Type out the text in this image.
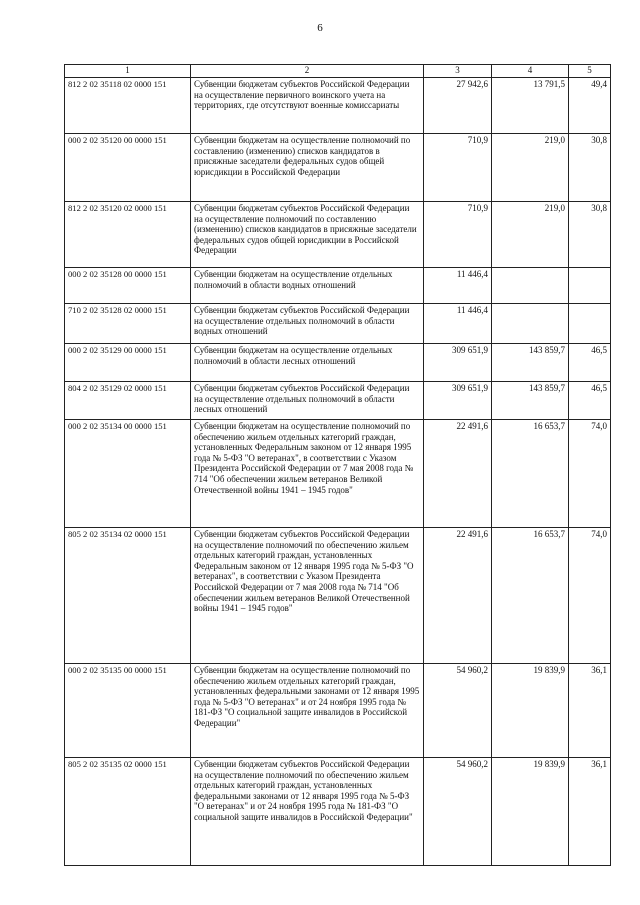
6
1	2	3	4	5
812 2 02 35118 02 0000 151	Субвенции бюджетам субъектов Российской Федерации на осуществление первичного воинского учета на территориях, где отсутствуют военные комиссариаты	27 942,6	13 791,5	49,4
000 2 02 35120 00 0000 151	Субвенции бюджетам на осуществление полномочий по составлению (изменению) списков кандидатов в присяжные заседатели федеральных судов общей юрисдикции в Российской Федерации	710,9	219,0	30,8
812 2 02 35120 02 0000 151	Субвенции бюджетам субъектов Российской Федерации на осуществление полномочий по составлению (изменению) списков кандидатов в присяжные заседатели федеральных судов общей юрисдикции в Российской Федерации	710,9	219,0	30,8
000 2 02 35128 00 0000 151	Субвенции бюджетам на осуществление отдельных полномочий в области водных отношений	11 446,4		
710 2 02 35128 02 0000 151	Субвенции бюджетам субъектов Российской Федерации на осуществление отдельных полномочий в области водных отношений	11 446,4		
000 2 02 35129 00 0000 151	Субвенции бюджетам на осуществление отдельных полномочий в области лесных отношений	309 651,9	143 859,7	46,5
804 2 02 35129 02 0000 151	Субвенции бюджетам субъектов Российской Федерации на осуществление отдельных полномочий в области лесных отношений	309 651,9	143 859,7	46,5
000 2 02 35134 00 0000 151	Субвенции бюджетам на осуществление полномочий по обеспечению жильем отдельных категорий граждан, установленных Федеральным законом от 12 января 1995 года № 5-ФЗ "О ветеранах", в соответствии с Указом Президента Российской Федерации от 7 мая 2008 года № 714 "Об обеспечении жильем ветеранов Великой Отечественной войны 1941 – 1945 годов"	22 491,6	16 653,7	74,0
805 2 02 35134 02 0000 151	Субвенции бюджетам субъектов Российской Федерации на осуществление полномочий по обеспечению жильем отдельных категорий граждан, установленных Федеральным законом от 12 января 1995 года № 5-ФЗ "О ветеранах", в соответствии с Указом Президента Российской Федерации от 7 мая 2008 года № 714 "Об обеспечении жильем ветеранов Великой Отечественной войны 1941 – 1945 годов"	22 491,6	16 653,7	74,0
000 2 02 35135 00 0000 151	Субвенции бюджетам на осуществление полномочий по обеспечению жильем отдельных категорий граждан, установленных федеральными законами от 12 января 1995 года № 5-ФЗ "О ветеранах" и от 24 ноября 1995 года № 181-ФЗ "О социальной защите инвалидов в Российской Федерации"	54 960,2	19 839,9	36,1
805 2 02 35135 02 0000 151	Субвенции бюджетам субъектов Российской Федерации на осуществление полномочий по обеспечению жильем отдельных категорий граждан, установленных федеральными законами от 12 января 1995 года № 5-ФЗ "О ветеранах" и от 24 ноября 1995 года № 181-ФЗ "О социальной защите инвалидов в Российской Федерации"	54 960,2	19 839,9	36,1
